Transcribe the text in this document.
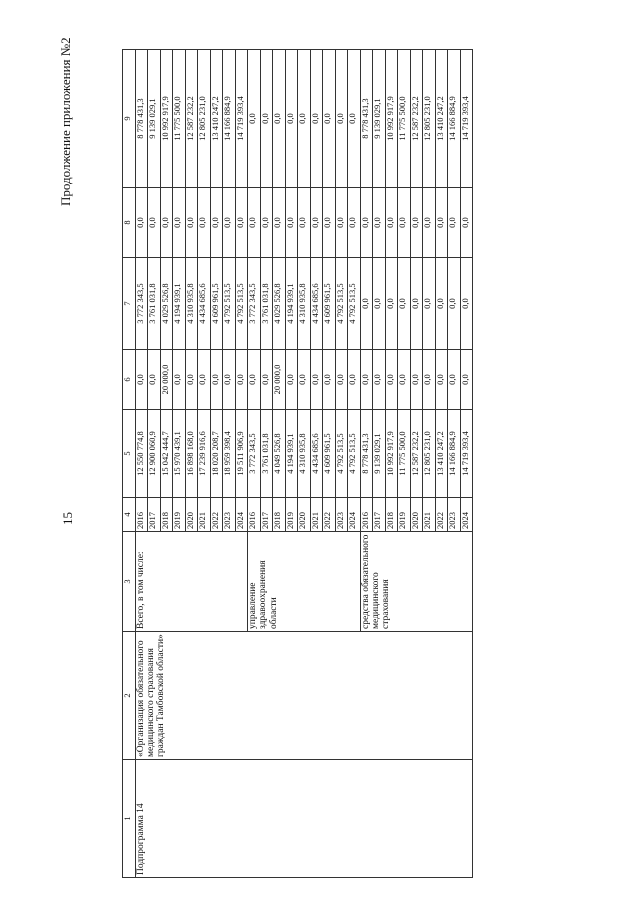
15
Продолжение приложения №2
1	2	3	4	5	6	7	8	9
Подпрограмма 14	«Организация обязательного медицинского страхования граждан Тамбовской области»	Всего, в том числе:	2016	12 550 774,8	0,0	3 772 343,5	0,0	8 778 431,3
			2017	12 900 060,9	0,0	3 761 031,8	0,0	9 139 029,1
			2018	15 042 444,7	20 000,0	4 029 526,8	0,0	10 992 917,9
			2019	15 970 439,1	0,0	4 194 939,1	0,0	11 775 500,0
			2020	16 898 168,0	0,0	4 310 935,8	0,0	12 587 232,2
			2021	17 239 916,6	0,0	4 434 685,6	0,0	12 805 231,0
			2022	18 020 208,7	0,0	4 609 961,5	0,0	13 410 247,2
			2023	18 959 398,4	0,0	4 792 513,5	0,0	14 166 884,9
			2024	19 511 906,9	0,0	4 792 513,5	0,0	14 719 393,4
		управление здравоохранения области	2016	3 772 343,5	0,0	3 772 343,5	0,0	0,0
			2017	3 761 031,8	0,0	3 761 031,8	0,0	0,0
			2018	4 049 526,8	20 000,0	4 029 526,8	0,0	0,0
			2019	4 194 939,1	0,0	4 194 939,1	0,0	0,0
			2020	4 310 935,8	0,0	4 310 935,8	0,0	0,0
			2021	4 434 685,6	0,0	4 434 685,6	0,0	0,0
			2022	4 609 961,5	0,0	4 609 961,5	0,0	0,0
			2023	4 792 513,5	0,0	4 792 513,5	0,0	0,0
			2024	4 792 513,5	0,0	4 792 513,5	0,0	0,0
		средства обязательного медицинского страхования	2016	8 778 431,3	0,0	0,0	0,0	8 778 431,3
			2017	9 139 029,1	0,0	0,0	0,0	9 139 029,1
			2018	10 992 917,9	0,0	0,0	0,0	10 992 917,9
			2019	11 775 500,0	0,0	0,0	0,0	11 775 500,0
			2020	12 587 232,2	0,0	0,0	0,0	12 587 232,2
			2021	12 805 231,0	0,0	0,0	0,0	12 805 231,0
			2022	13 410 247,2	0,0	0,0	0,0	13 410 247,2
			2023	14 166 884,9	0,0	0,0	0,0	14 166 884,9
			2024	14 719 393,4	0,0	0,0	0,0	14 719 393,4
